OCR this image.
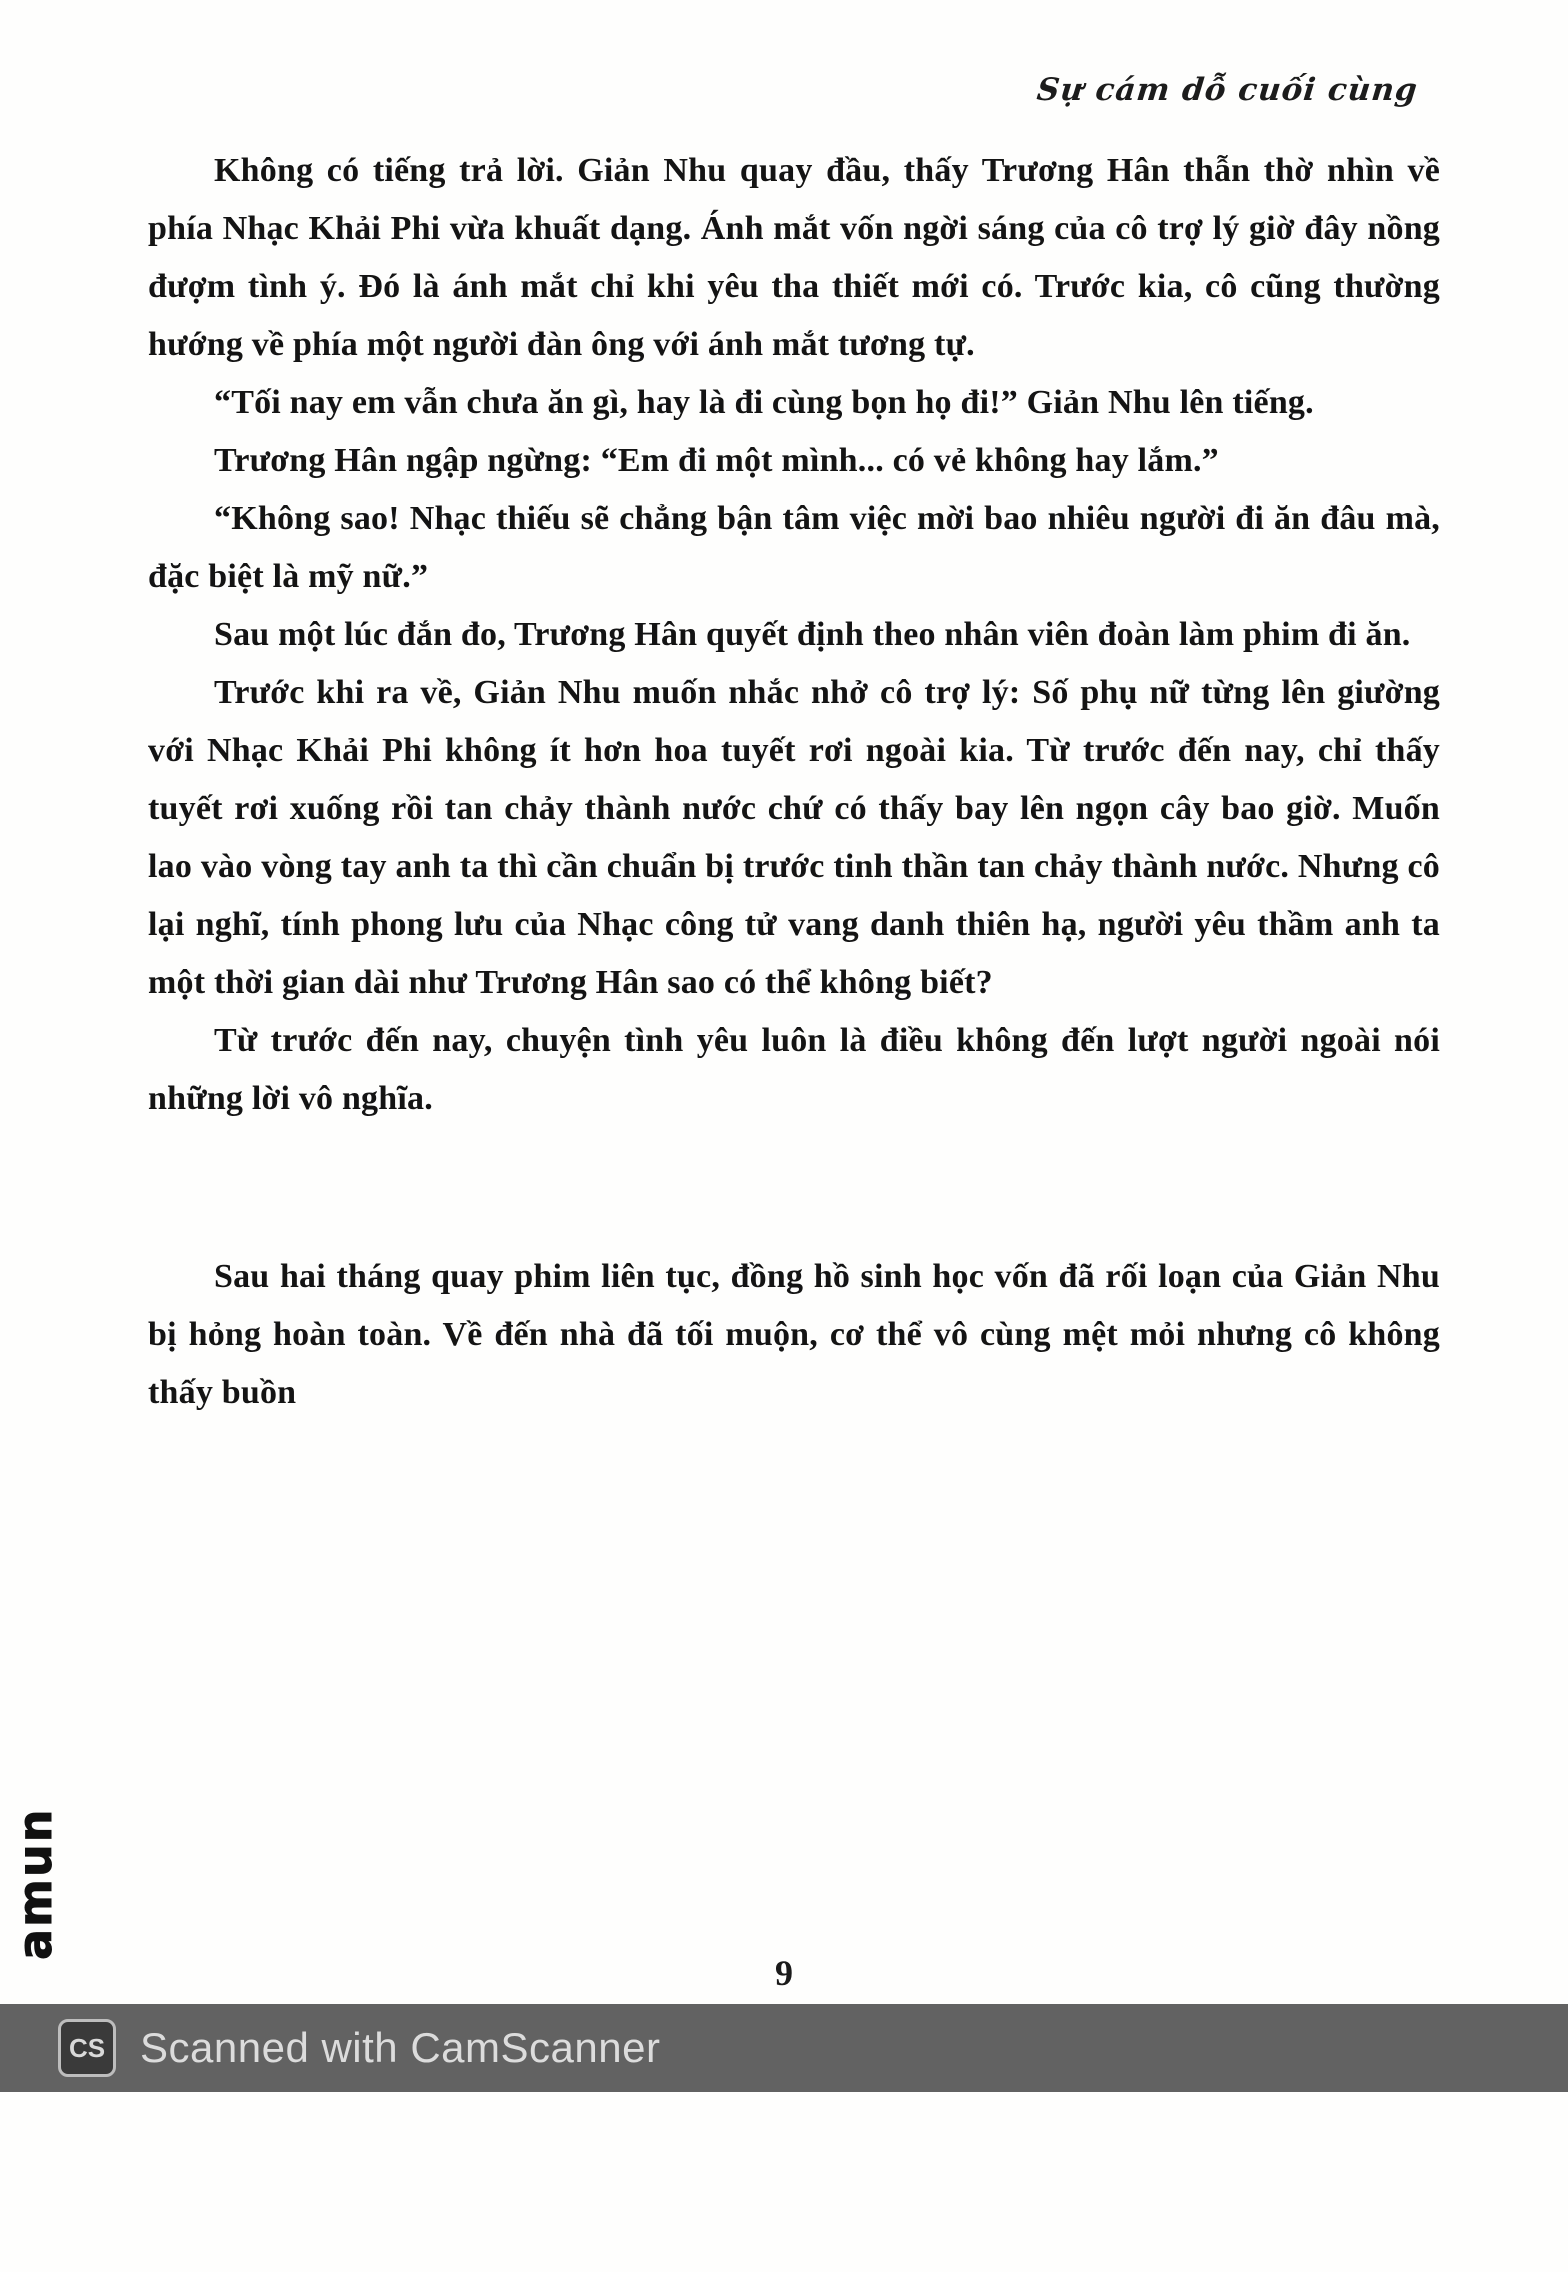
Sự cám dỗ cuối cùng

Không có tiếng trả lời. Giản Nhu quay đầu, thấy Trương Hân thẫn thờ nhìn về phía Nhạc Khải Phi vừa khuất dạng. Ánh mắt vốn ngời sáng của cô trợ lý giờ đây nồng đượm tình ý. Đó là ánh mắt chỉ khi yêu tha thiết mới có. Trước kia, cô cũng thường hướng về phía một người đàn ông với ánh mắt tương tự.

“Tối nay em vẫn chưa ăn gì, hay là đi cùng bọn họ đi!” Giản Nhu lên tiếng.

Trương Hân ngập ngừng: “Em đi một mình... có vẻ không hay lắm.”

“Không sao! Nhạc thiếu sẽ chẳng bận tâm việc mời bao nhiêu người đi ăn đâu mà, đặc biệt là mỹ nữ.”

Sau một lúc đắn đo, Trương Hân quyết định theo nhân viên đoàn làm phim đi ăn.

Trước khi ra về, Giản Nhu muốn nhắc nhở cô trợ lý: Số phụ nữ từng lên giường với Nhạc Khải Phi không ít hơn hoa tuyết rơi ngoài kia. Từ trước đến nay, chỉ thấy tuyết rơi xuống rồi tan chảy thành nước chứ có thấy bay lên ngọn cây bao giờ. Muốn lao vào vòng tay anh ta thì cần chuẩn bị trước tinh thần tan chảy thành nước. Nhưng cô lại nghĩ, tính phong lưu của Nhạc công tử vang danh thiên hạ, người yêu thầm anh ta một thời gian dài như Trương Hân sao có thể không biết?

Từ trước đến nay, chuyện tình yêu luôn là điều không đến lượt người ngoài nói những lời vô nghĩa.

Sau hai tháng quay phim liên tục, đồng hồ sinh học vốn đã rối loạn của Giản Nhu bị hỏng hoàn toàn. Về đến nhà đã tối muộn, cơ thể vô cùng mệt mỏi nhưng cô không thấy buồn

9
amun
CS Scanned with CamScanner
